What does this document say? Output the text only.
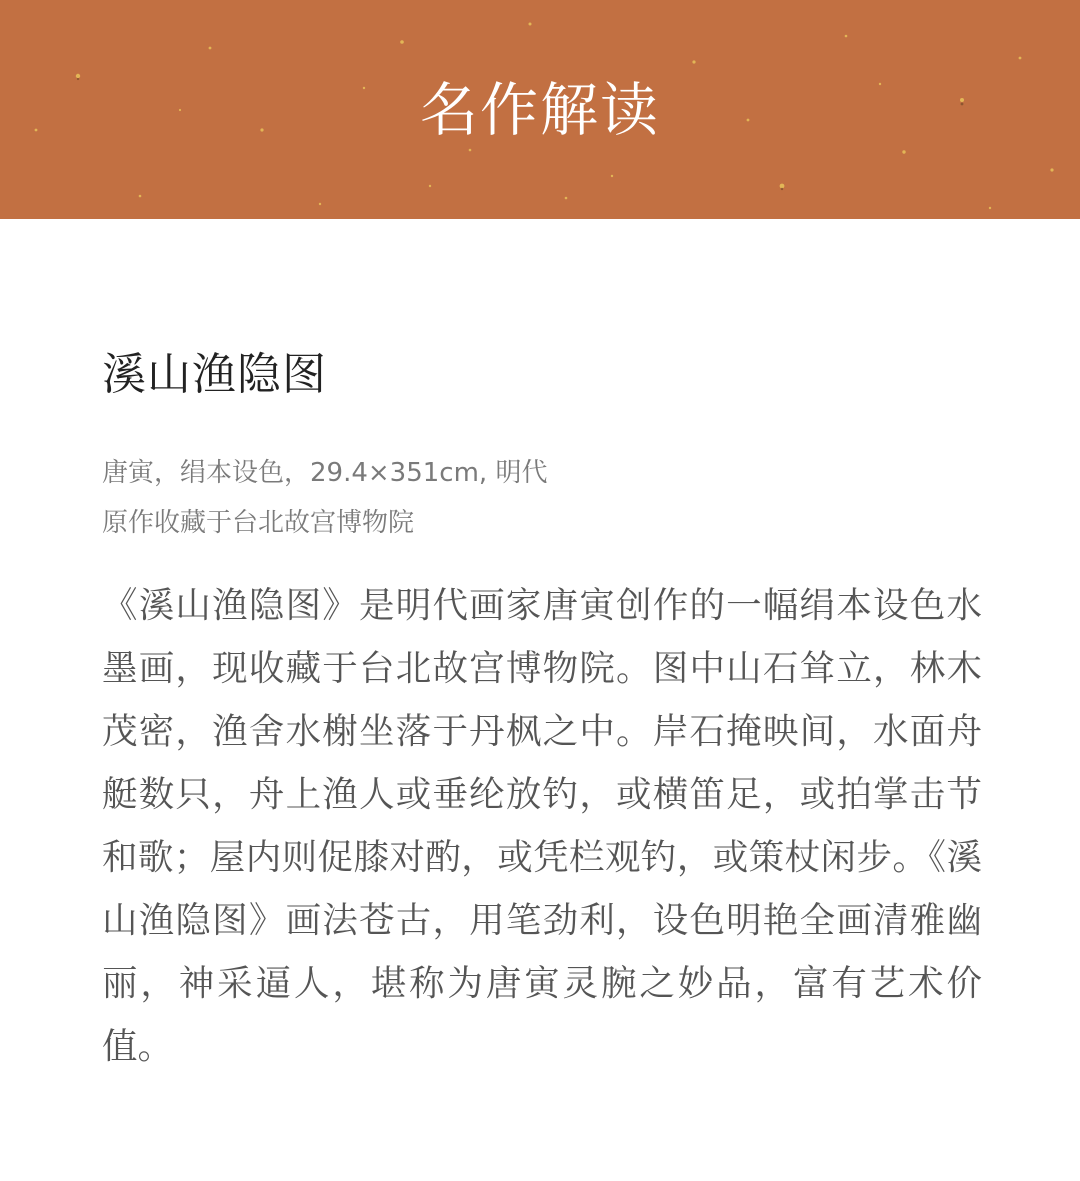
名作解读
溪山渔隐图
唐寅，绢本设色，29.4×351cm, 明代
原作收藏于台北故宫博物院
《溪山渔隐图》是明代画家唐寅创作的一幅绢本设色水墨画，现收藏于台北故宫博物院。图中山石耸立，林木茂密，渔舍水榭坐落于丹枫之中。岸石掩映间，水面舟艇数只，舟上渔人或垂纶放钓，或横笛足，或拍掌击节和歌；屋内则促膝对酌，或凭栏观钓，或策杖闲步。《溪山渔隐图》画法苍古，用笔劲利，设色明艳全画清雅幽丽，神采逼人，堪称为唐寅灵腕之妙品，富有艺术价值。
